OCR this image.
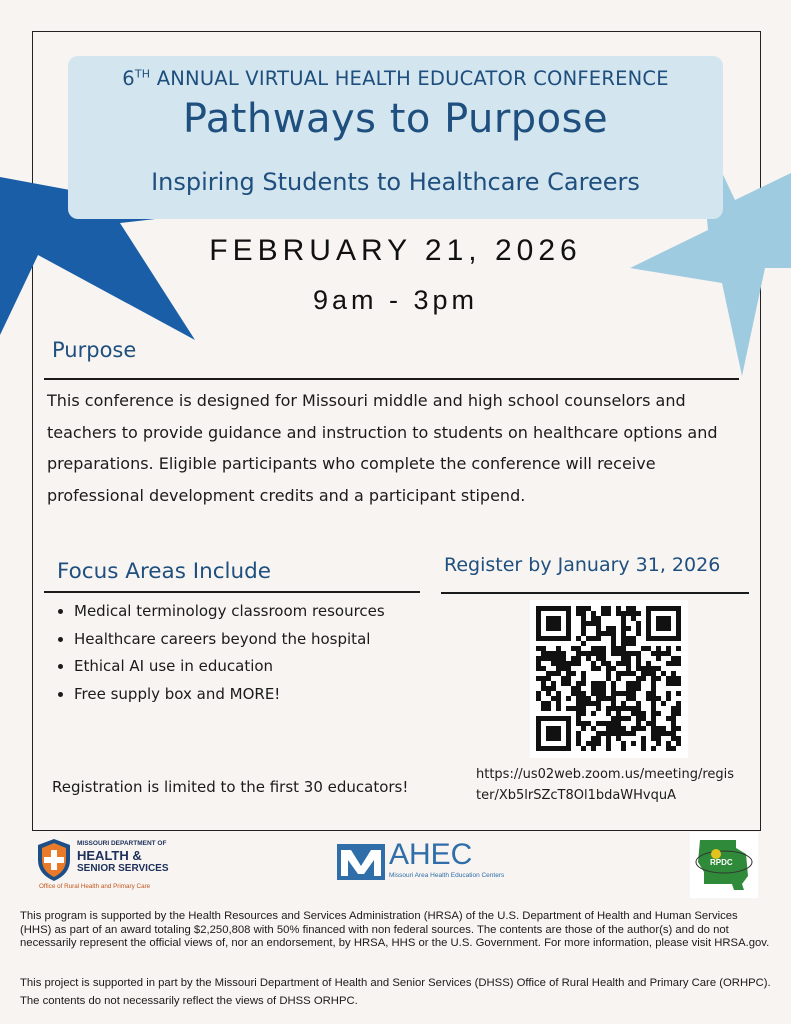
6TH ANNUAL VIRTUAL HEALTH EDUCATOR CONFERENCE
Pathways to Purpose
Inspiring Students to Healthcare Careers
FEBRUARY 21, 2026
9am - 3pm
Purpose
This conference is designed for Missouri middle and high school counselors and teachers to provide guidance and instruction to students on healthcare options and preparations. Eligible participants who complete the conference will receive professional development credits and a participant stipend.
Focus Areas Include
• Medical terminology classroom resources
• Healthcare careers beyond the hospital
• Ethical AI use in education
• Free supply box and MORE!
Registration is limited to the first 30 educators!
Register by January 31, 2026
https://us02web.zoom.us/meeting/register/Xb5lrSZcT8Ol1bdaWHvquA
MISSOURI DEPARTMENT OF
HEALTH &
SENIOR SERVICES
Office of Rural Health and Primary Care
AHEC
Missouri Area Health Education Centers
RPDC
This program is supported by the Health Resources and Services Administration (HRSA) of the U.S. Department of Health and Human Services (HHS) as part of an award totaling $2,250,808 with 50% financed with non federal sources. The contents are those of the author(s) and do not necessarily represent the official views of, nor an endorsement, by HRSA, HHS or the U.S. Government. For more information, please visit HRSA.gov.
This project is supported in part by the Missouri Department of Health and Senior Services (DHSS) Office of Rural Health and Primary Care (ORHPC). The contents do not necessarily reflect the views of DHSS ORHPC.
